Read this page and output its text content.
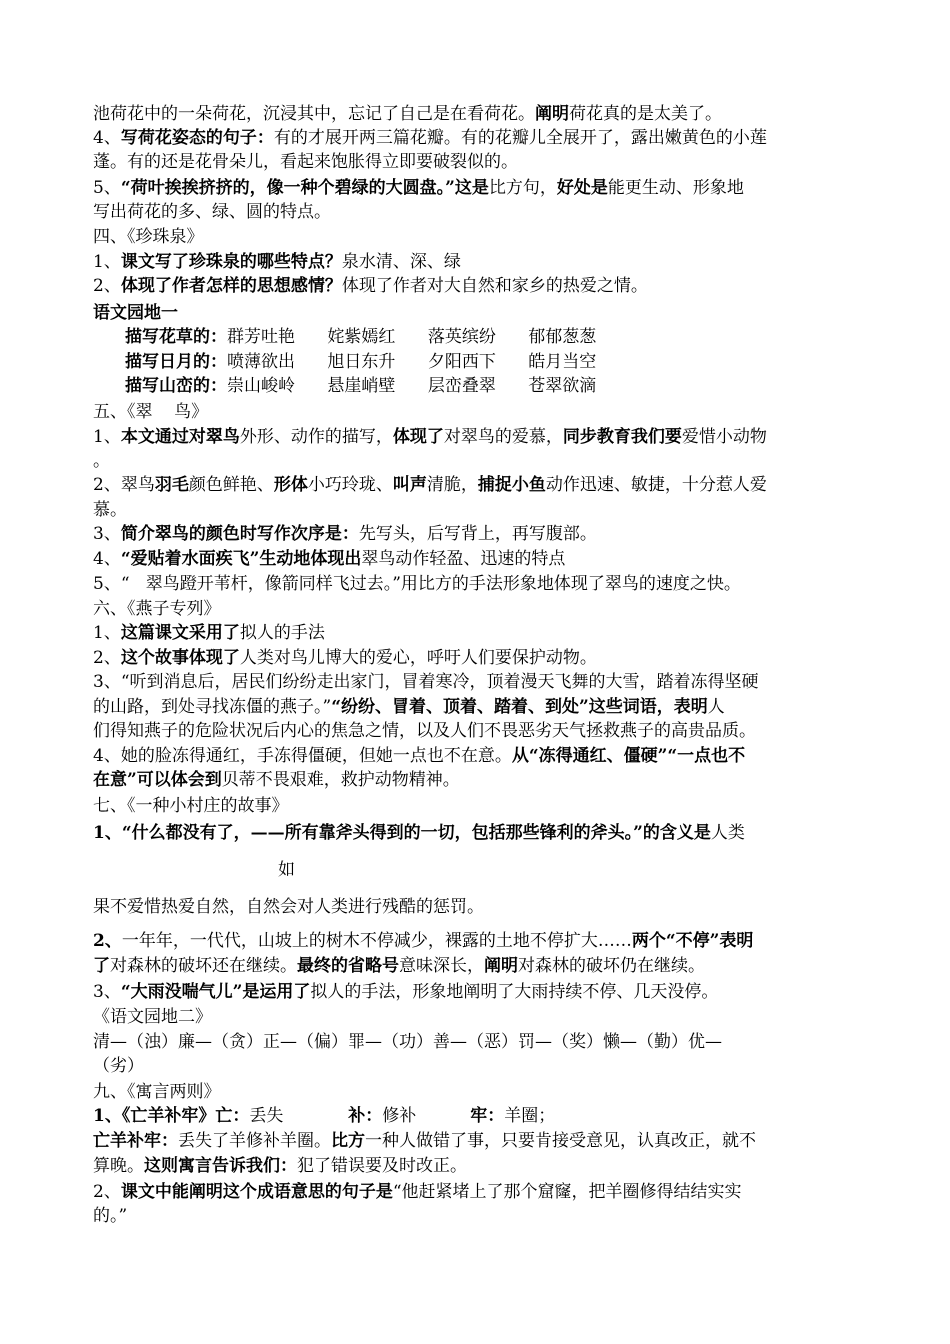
池荷花中的一朵荷花，沉浸其中，忘记了自己是在看荷花。阐明荷花真的是太美了。
4、写荷花姿态的句子：有的才展开两三篇花瓣。有的花瓣儿全展开了，露出嫩黄色的小莲
蓬。有的还是花骨朵儿，看起来饱胀得立即要破裂似的。
5、“荷叶挨挨挤挤的，像一种个碧绿的大圆盘。”这是比方句，好处是能更生动、形象地
写出荷花的多、绿、圆的特点。
四、《珍珠泉》
1、课文写了珍珠泉的哪些特点？泉水清、深、绿
2、体现了作者怎样的思想感情？体现了作者对大自然和家乡的热爱之情。
语文园地一
描写花草的：群芳吐艳      姹紫嫣红      落英缤纷      郁郁葱葱
描写日月的：喷薄欲出      旭日东升      夕阳西下      皓月当空
描写山峦的：崇山峻岭      悬崖峭壁      层峦叠翠      苍翠欲滴
五、《翠    鸟》
1、本文通过对翠鸟外形、动作的描写，体现了对翠鸟的爱慕，同步教育我们要爱惜小动物
。
2、翠鸟羽毛颜色鲜艳、形体小巧玲珑、叫声清脆，捕捉小鱼动作迅速、敏捷，十分惹人爱
慕。
3、简介翠鸟的颜色时写作次序是：先写头，后写背上，再写腹部。
4、“爱贴着水面疾飞”生动地体现出翠鸟动作轻盈、迅速的特点
5、“   翠鸟蹬开苇杆，像箭同样飞过去。”用比方的手法形象地体现了翠鸟的速度之快。
六、《燕子专列》
1、这篇课文采用了拟人的手法
2、这个故事体现了人类对鸟儿博大的爱心，呼吁人们要保护动物。
3、“听到消息后，居民们纷纷走出家门，冒着寒冷，顶着漫天飞舞的大雪，踏着冻得坚硬
的山路，到处寻找冻僵的燕子。”“纷纷、冒着、顶着、踏着、到处”这些词语，表明人
们得知燕子的危险状况后内心的焦急之情，以及人们不畏恶劣天气拯救燕子的高贵品质。
4、她的脸冻得通红，手冻得僵硬，但她一点也不在意。从“冻得通红、僵硬”“一点也不
在意”可以体会到贝蒂不畏艰难，救护动物精神。
七、《一种小村庄的故事》
1、“什么都没有了，——所有靠斧头得到的一切，包括那些锋利的斧头。”的含义是人类
如
果不爱惜热爱自然，自然会对人类进行残酷的惩罚。
2、一年年，一代代，山坡上的树木不停减少，裸露的土地不停扩大……两个“不停”表明
了对森林的破坏还在继续。最终的省略号意味深长，阐明对森林的破坏仍在继续。
3、“大雨没喘气儿”是运用了拟人的手法，形象地阐明了大雨持续不停、几天没停。
《语文园地二》
清—（浊）廉—（贪）正—（偏）罪—（功）善—（恶）罚—（奖）懒—（勤）优—
（劣）
九、《寓言两则》
1、《亡羊补牢》亡：丢失            补：修补          牢：羊圈；
亡羊补牢：丢失了羊修补羊圈。比方一种人做错了事，只要肯接受意见，认真改正，就不
算晚。这则寓言告诉我们：犯了错误要及时改正。
2、课文中能阐明这个成语意思的句子是“他赶紧堵上了那个窟窿，把羊圈修得结结实实
的。”
